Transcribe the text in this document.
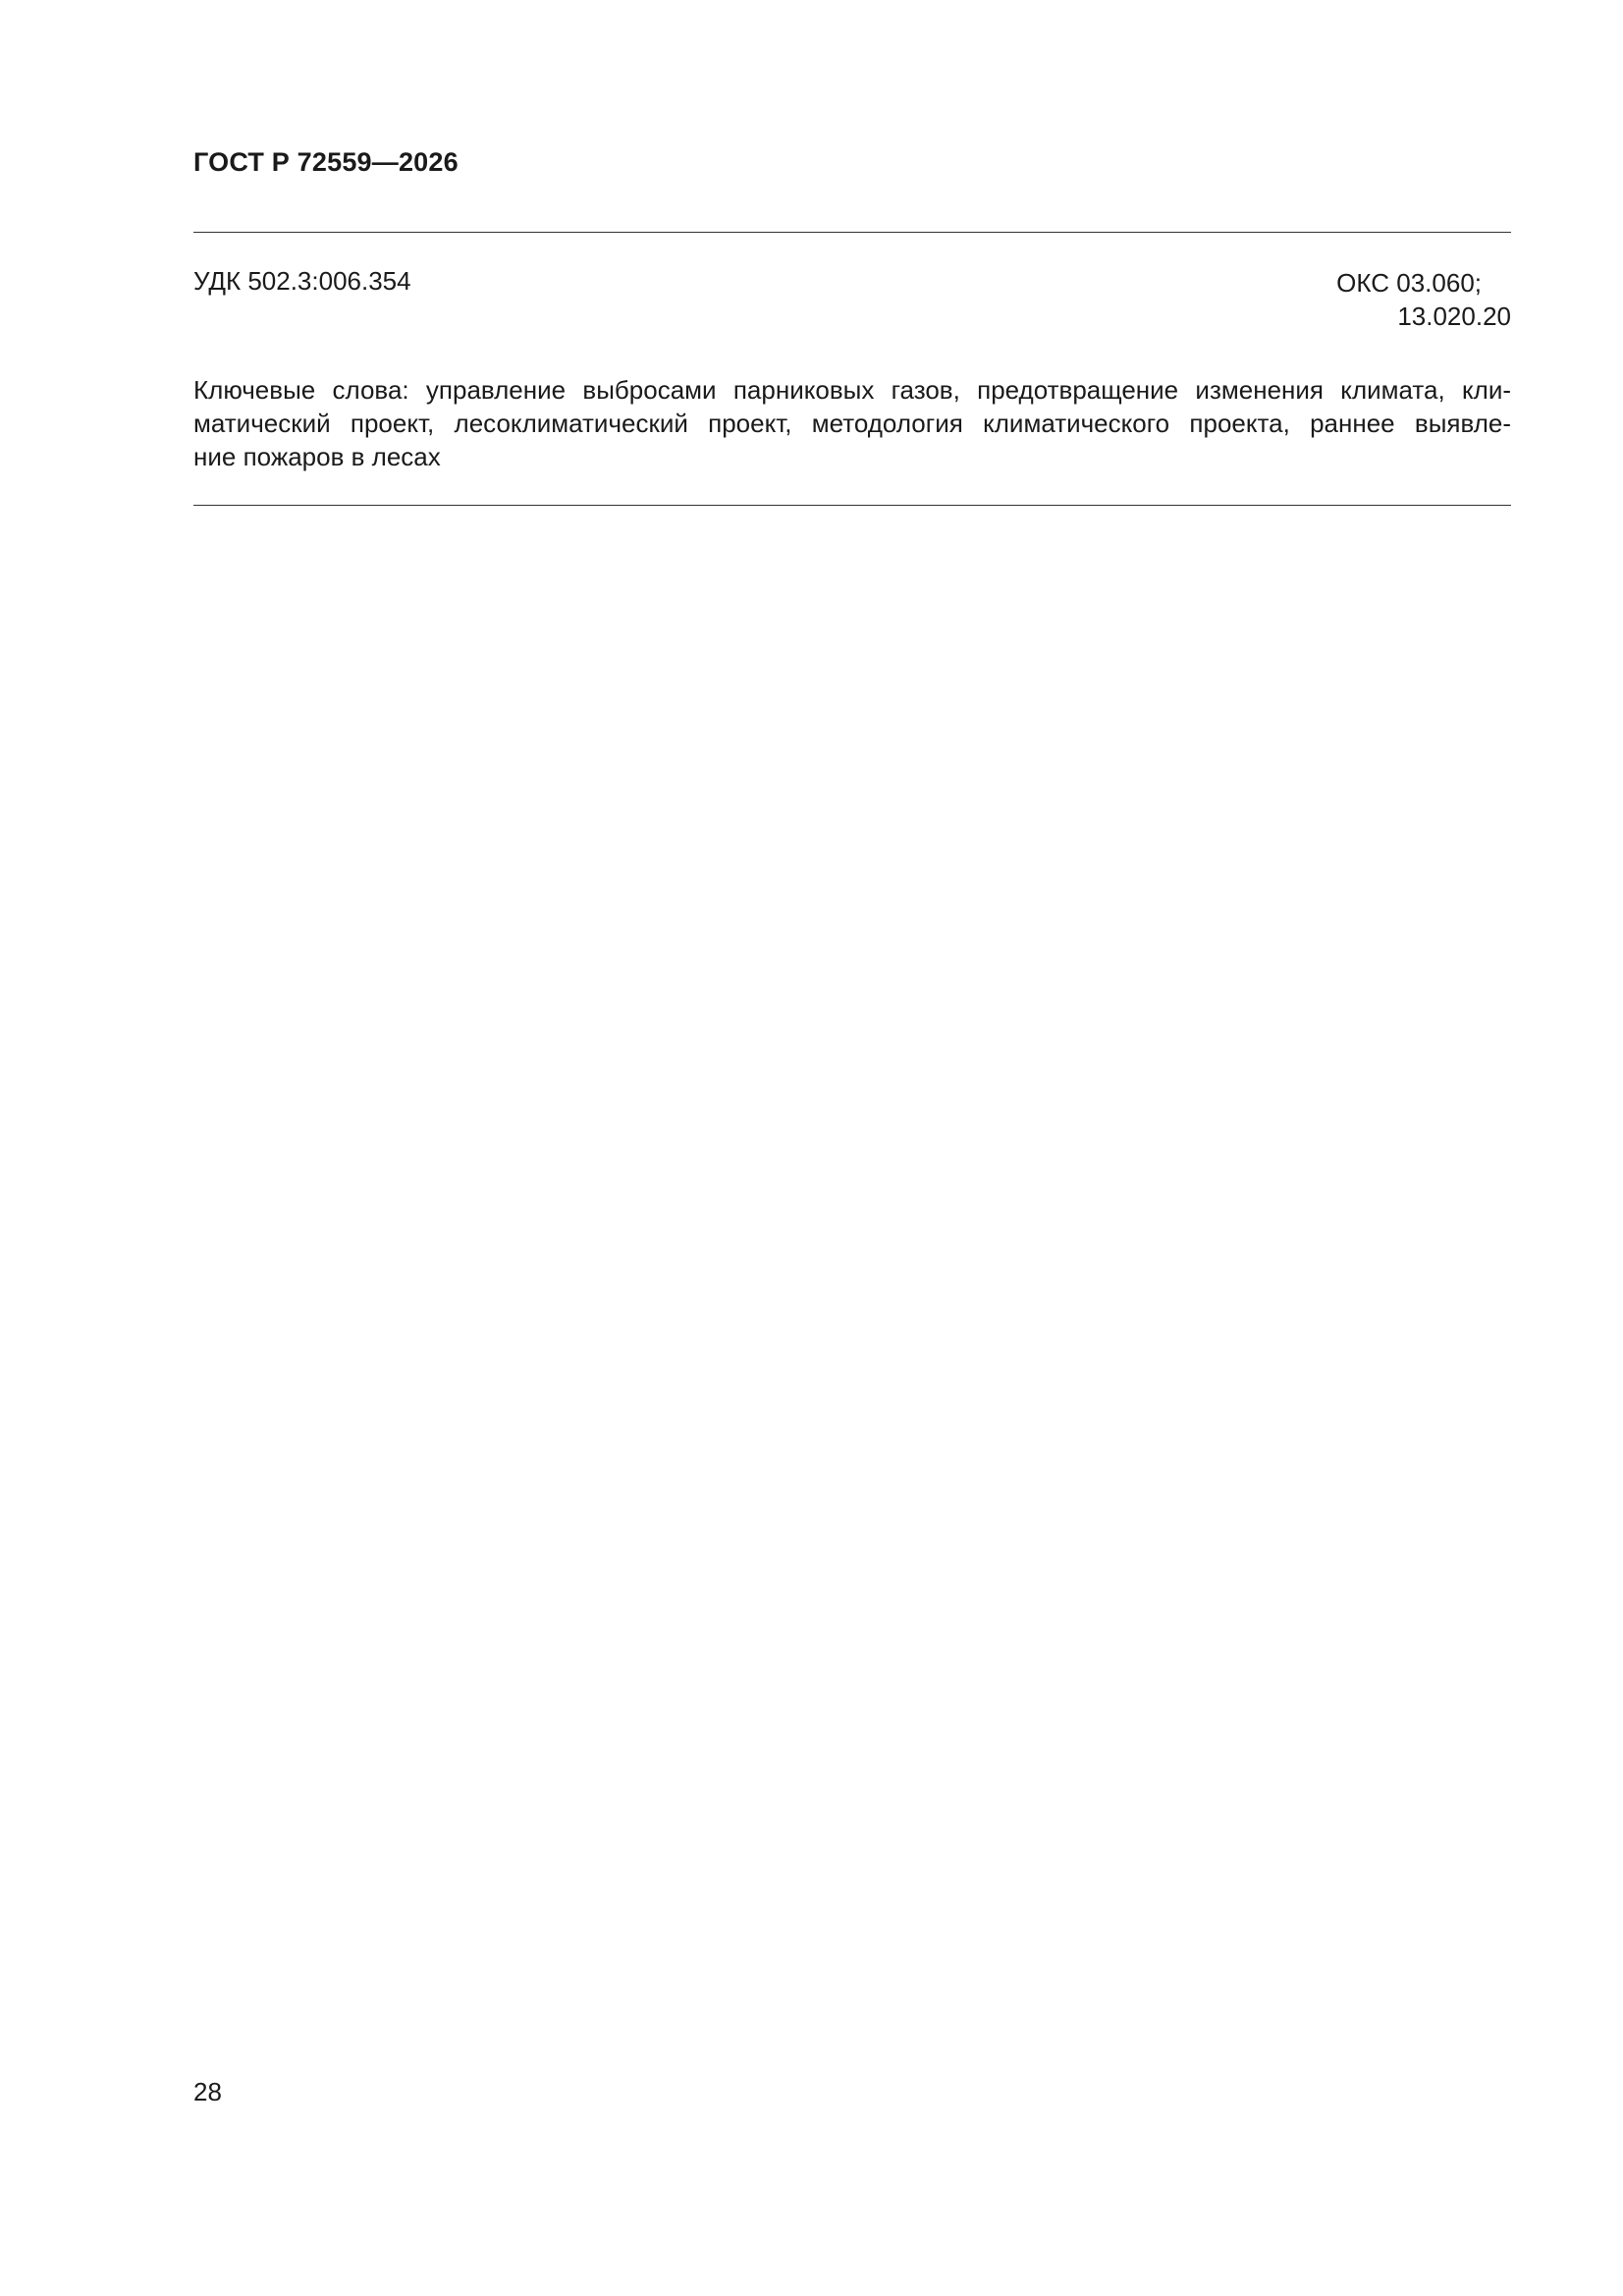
ГОСТ Р 72559—2026
УДК 502.3:006.354	ОКС 03.060;
13.020.20
Ключевые слова: управление выбросами парниковых газов, предотвращение изменения климата, кли-
матический проект, лесоклиматический проект, методология климатического проекта, раннее выявле-
ние пожаров в лесах
28
